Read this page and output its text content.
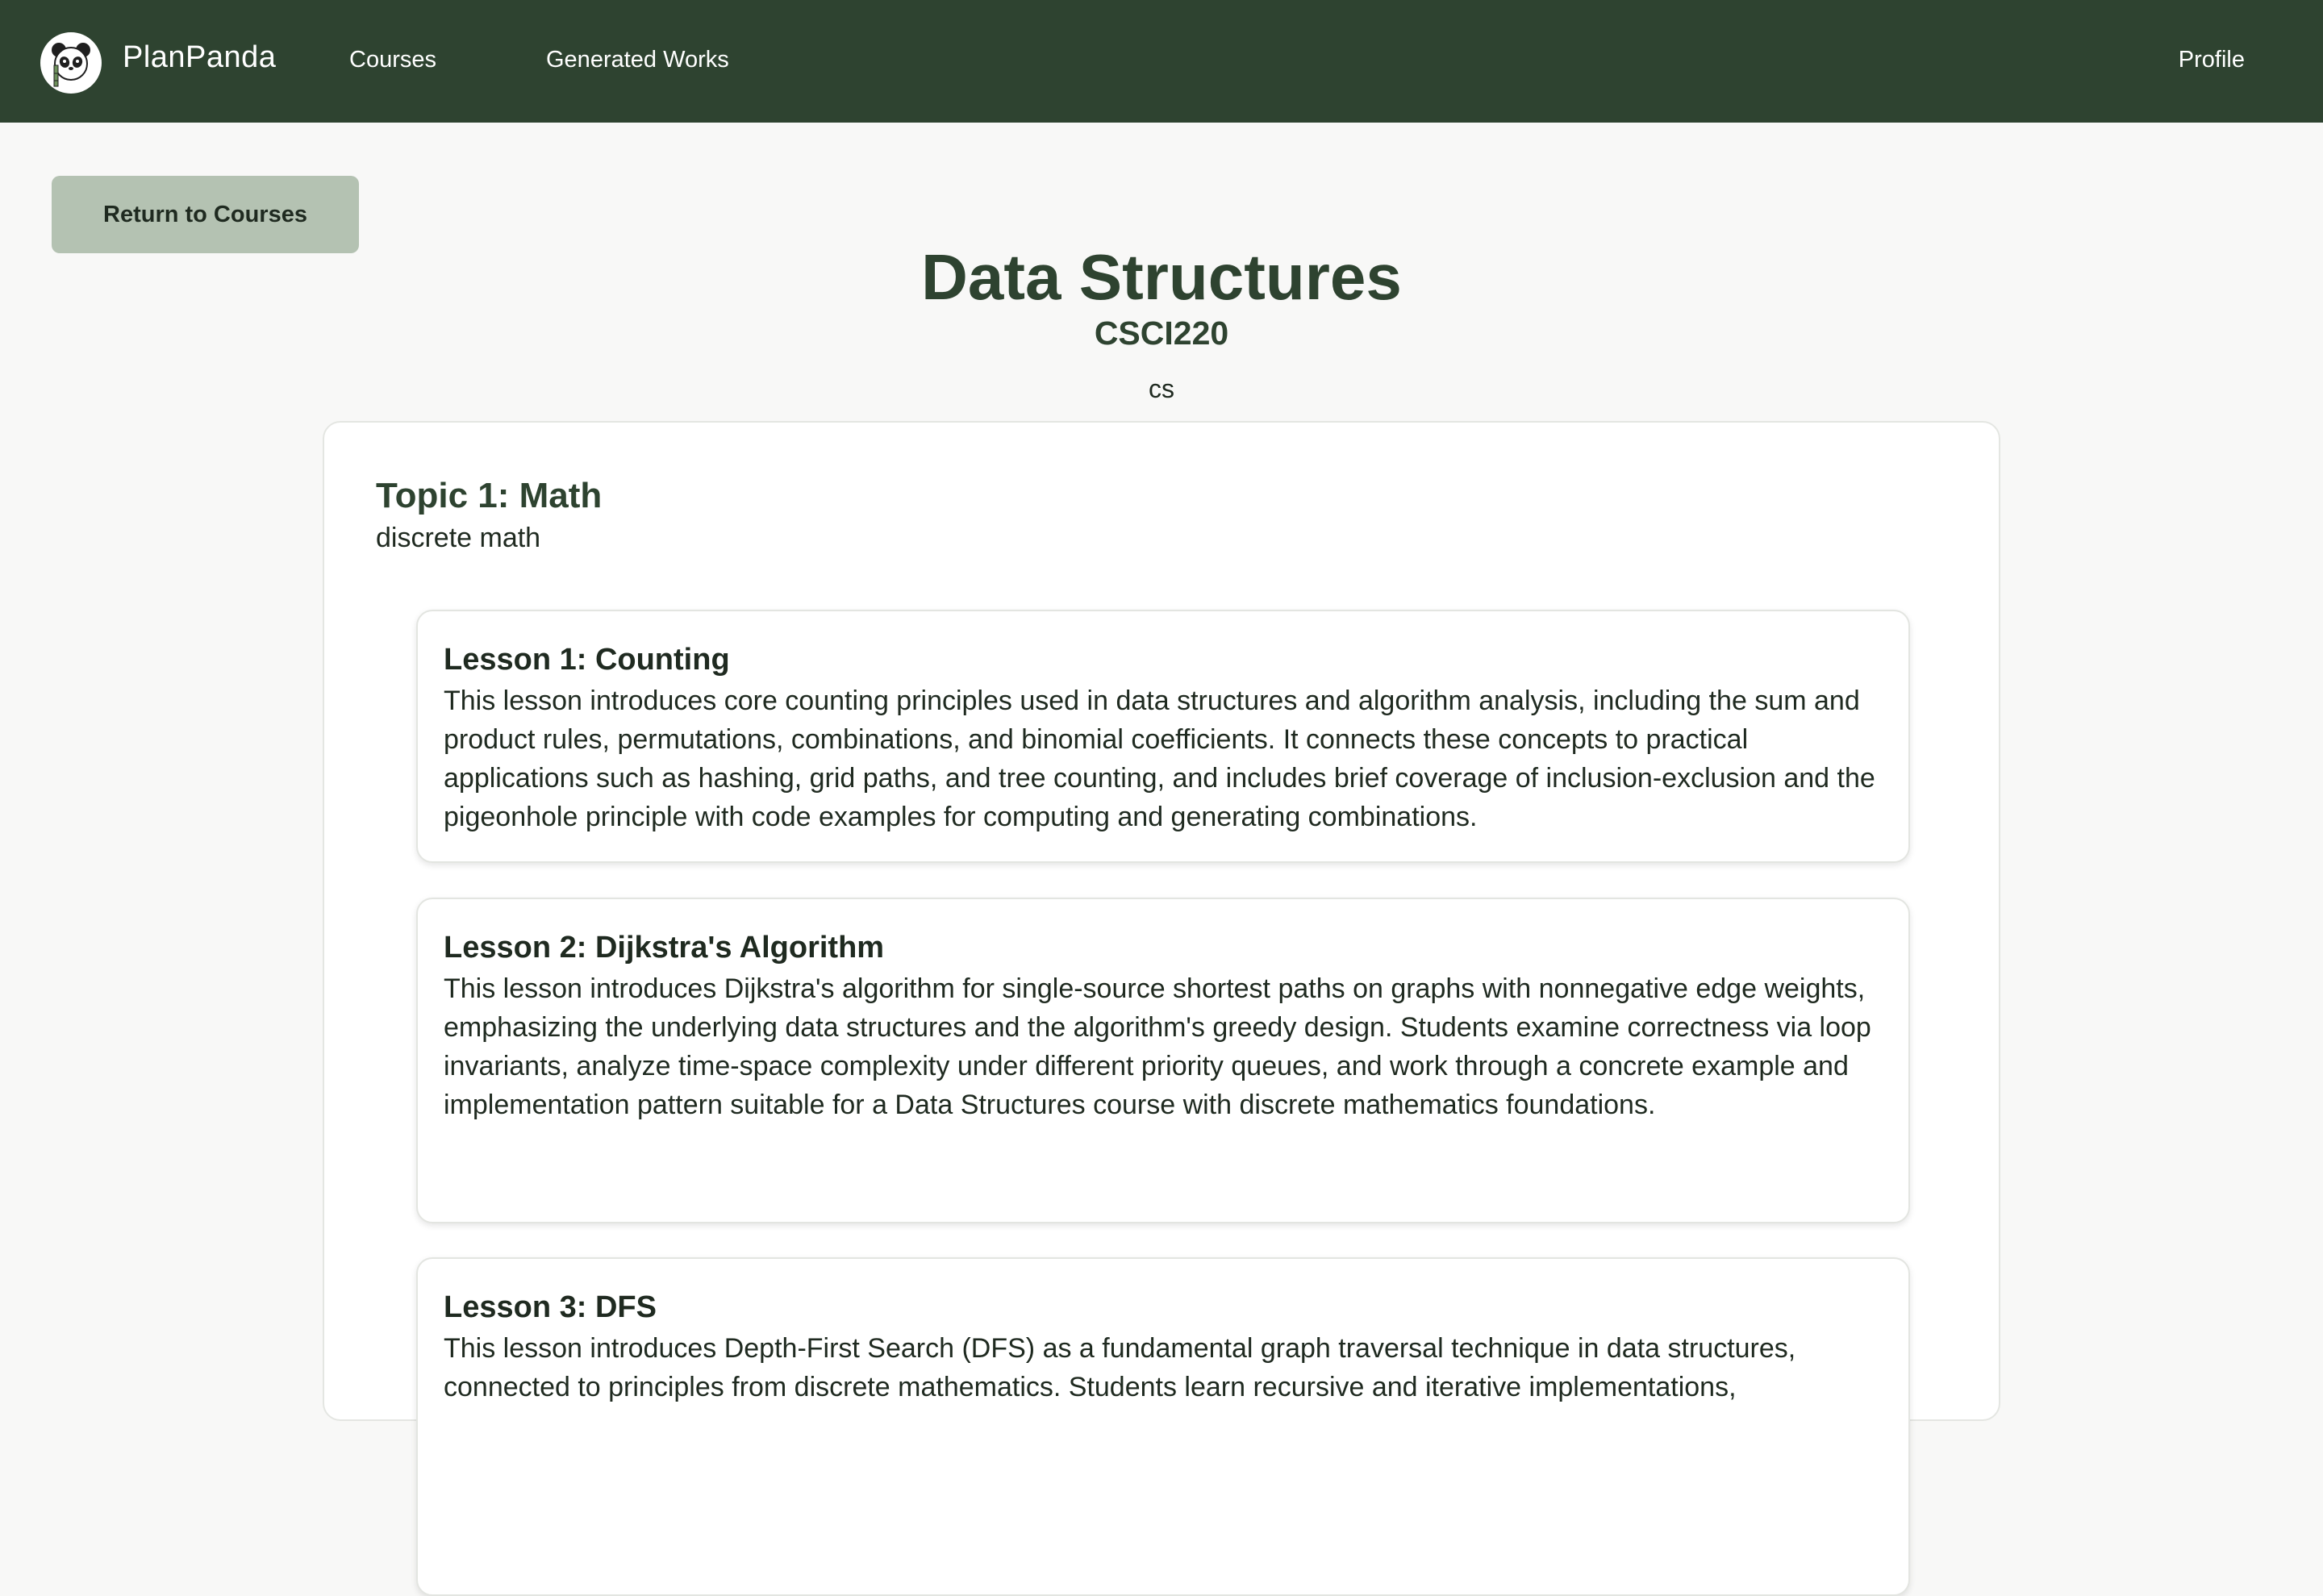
PlanPanda	Courses	Generated Works	Profile
Return to Courses
Data Structures
CSCI220
cs
Topic 1: Math
discrete math
Lesson 1: Counting

This lesson introduces core counting principles used in data structures and algorithm analysis, including the sum and product rules, permutations, combinations, and binomial coefficients. It connects these concepts to practical applications such as hashing, grid paths, and tree counting, and includes brief coverage of inclusion-exclusion and the pigeonhole principle with code examples for computing and generating combinations.

Lesson 2: Dijkstra's Algorithm

This lesson introduces Dijkstra's algorithm for single-source shortest paths on graphs with nonnegative edge weights, emphasizing the underlying data structures and the algorithm's greedy design. Students examine correctness via loop invariants, analyze time-space complexity under different priority queues, and work through a concrete example and implementation pattern suitable for a Data Structures course with discrete mathematics foundations.

Lesson 3: DFS

This lesson introduces Depth-First Search (DFS) as a fundamental graph traversal technique in data structures, connected to principles from discrete mathematics. Students learn recursive and iterative implementations,
